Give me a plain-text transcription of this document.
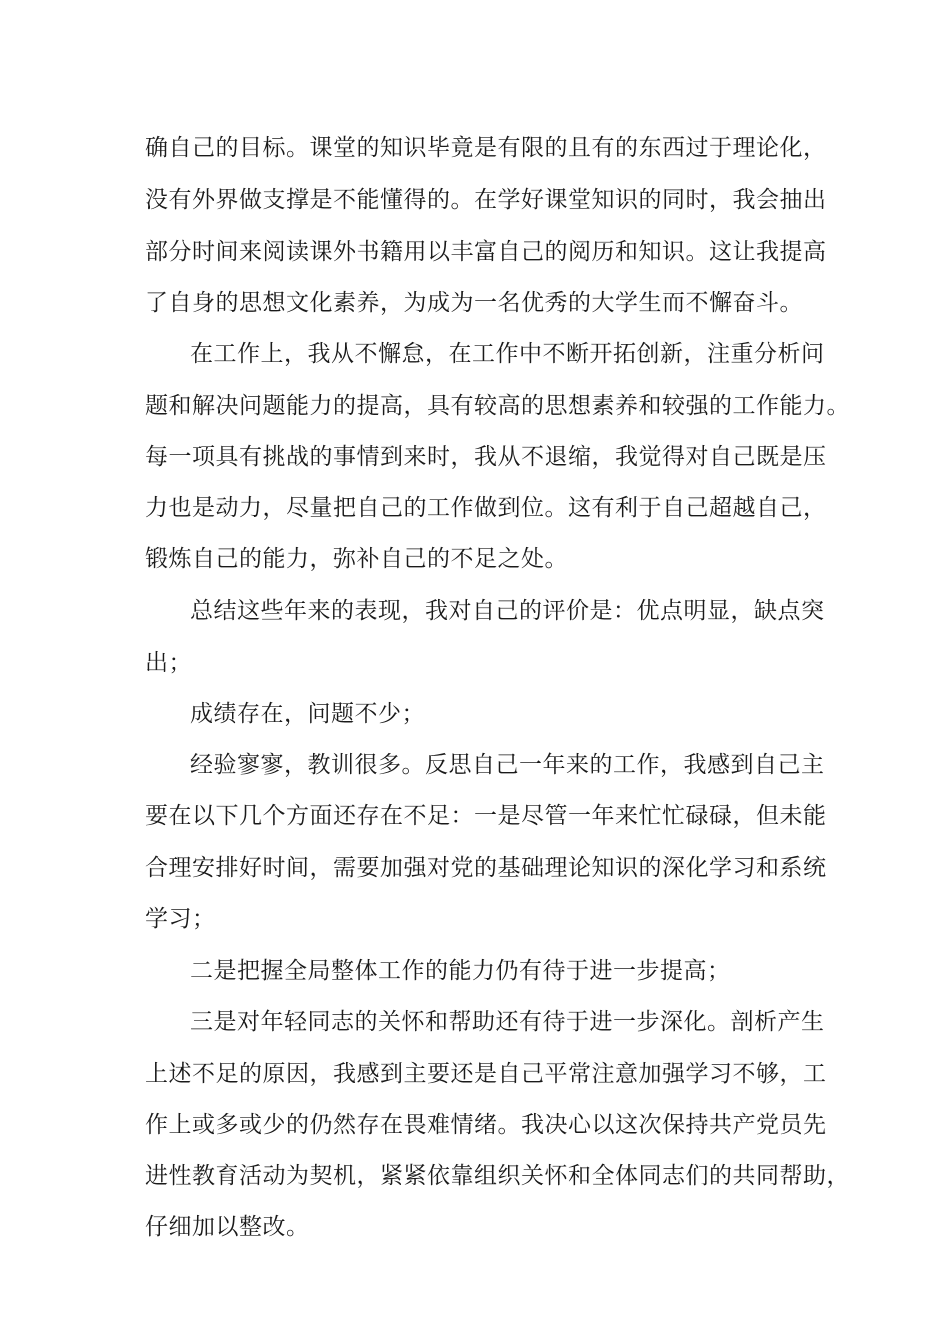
确自己的目标。课堂的知识毕竟是有限的且有的东西过于理论化，
没有外界做支撑是不能懂得的。在学好课堂知识的同时，我会抽出
部分时间来阅读课外书籍用以丰富自己的阅历和知识。这让我提高
了自身的思想文化素养，为成为一名优秀的大学生而不懈奋斗。
在工作上，我从不懈怠，在工作中不断开拓创新，注重分析问
题和解决问题能力的提高，具有较高的思想素养和较强的工作能力。
每一项具有挑战的事情到来时，我从不退缩，我觉得对自己既是压
力也是动力，尽量把自己的工作做到位。这有利于自己超越自己，
锻炼自己的能力，弥补自己的不足之处。
总结这些年来的表现，我对自己的评价是：优点明显，缺点突
出；
成绩存在，问题不少；
经验寥寥，教训很多。反思自己一年来的工作，我感到自己主
要在以下几个方面还存在不足：一是尽管一年来忙忙碌碌，但未能
合理安排好时间，需要加强对党的基础理论知识的深化学习和系统
学习；
二是把握全局整体工作的能力仍有待于进一步提高；
三是对年轻同志的关怀和帮助还有待于进一步深化。剖析产生
上述不足的原因，我感到主要还是自己平常注意加强学习不够，工
作上或多或少的仍然存在畏难情绪。我决心以这次保持共产党员先
进性教育活动为契机，紧紧依靠组织关怀和全体同志们的共同帮助，
仔细加以整改。
